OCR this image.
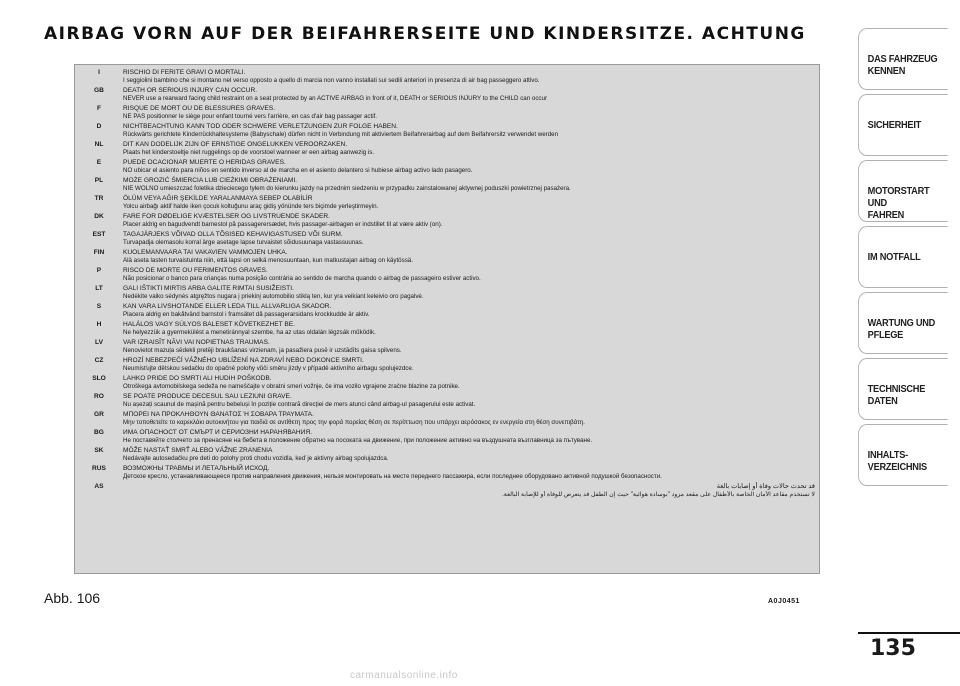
AIRBAG VORN AUF DER BEIFAHRERSEITE UND KINDERSITZE. ACHTUNG
I	RISCHIO DI FERITE GRAVI O MORTALI.
I seggiolini bambino che si montano nel verso opposto a quello di marcia non vanno installati sui sedili anteriori in presenza di air bag passeggero attivo.
GB	DEATH OR SERIOUS INJURY CAN OCCUR.
NEVER use a rearward facing child restraint on a seat protected by an ACTIVE AIRBAG in front of it, DEATH or SERIOUS INJURY to the CHILD can occur
F	RISQUE DE MORT OU DE BLESSURES GRAVES.
NE PAS positionner le siège pour enfant tourné vers l'arrière, en cas d'air bag passager actif.
D	NICHTBEACHTUNG KANN TOD ODER SCHWERE VERLETZUNGEN ZUR FOLGE HABEN.
Rückwärts gerichtete Kinderrückhaltesysteme (Babyschale) dürfen nicht in Verbindung mit aktiviertem Beifahrerairbag auf dem Beifahrersitz verwendet werden
NL	DIT KAN DODELIJK ZIJN OF ERNSTIGE ONGELUKKEN VEROORZAKEN.
Plaats het kinderstoeltje niet ruggelings op de voorstoel wanneer er een airbag aanwezig is.
E	PUEDE OCACIONAR MUERTE O HERIDAS GRAVES.
NO ubicar el asiento para niños en sentido inverso al de marcha en el asiento delantero si hubiese airbag activo lado pasagero.
PL	MOŻE GROZIĆ ŚMIERCIA LUB CIEŻKIMI OBRAŻENIAMI.
NIE WOLNO umieszczać foletika dzieciecego tyłem do kierunku jazdy na przednim siedzeniu w przypadku zainstalowanej aktywnej poduszki powietrznej pasażera.
TR	ÖLÜM VEYA AĞIR ŞEKİLDE YARALANMAYA SEBEP OLABİLİR
Yolcu airbağı aktif halde iken çocuk koltuğunu araç gidiş yönünde ters biçimde yerleştirmeyin.
DK	FARE FOR DØDELIGE KVÆSTELSER OG LIVSTRUENDE SKADER.
Placer aldrig en bagudvendt barnestol på passagerersædet, hvis passager-airbagen er indstillet til at være aktiv (on).
EST	TAGAJÄRJEKS VÕIVAD OLLA TÕSISED KEHAVIGASTUSED VÕI SURM.
Turvapadja olemasolu korral ärge asetage lapse turvaistet sõidusuunaga vastassuunas.
FIN	KUOLEMANVAARA TAI VAKAVIEN VAMMOJEN UHKA.
Älä aseta lasten turvaistuinta niin, että lapsi on selkä menosuuntaan, kun matkustajan airbag on käytössä.
P	RISCO DE MORTE OU FERIMENTOS GRAVES.
Não posicionar o banco para crianças numa posição contrária ao sentido de marcha quando o airbag de passageiro estiver activo.
LT	GALI IŠTIKTI MIRTIS ARBA GALITE RIMTAI SUSIŽEISTI.
Nedėkite vaiko sėdynės atgręžtos nugara į priekinį automobilio stiklą ten, kur yra veikiant keleivio oro pagalvė.
S	KAN VARA LIVSHOTANDE ELLER LEDA TILL ALLVARLIGA SKADOR.
Placera aldrig en bakåtvänd barnstol i framsätet då passagerarsidans krockkudde är aktiv.
H	HALÁLOS VAGY SÚLYOS BALESET KÖVETKEZHET BE.
Ne helyezzük a gyermekülést a menetiránnyal szembe, ha az utas oldalán légzsák működik.
LV	VAR IZRAISĪT NĀVI VAI NOPIETNAS TRAUMAS.
Nenovietot mazuļa sēdekli pretēji braukšanas virzienam, ja pasažiera pusē ir uzstādīts gaisa spilvens.
CZ	HROZÍ NEBEZPEČÍ VÁŽNÉHO UBLÍŽENÍ NA ZDRAVÍ NEBO DOKONCE SMRTI.
Neumisťujte dětskou sedačku do opačné polohy vůči směru jízdy v případě aktivního airbagu spolujezdce.
SLO	LAHKO PRIDE DO SMRTI ALI HUDIH POŠKODB.
Otroškega avtomobilskega sedeža ne nameščajte v obratni smeri vožnje, če ima vozilo vgrajene zračne blazine za potnike.
RO	SE POATE PRODUCE DECESUL SAU LEZIUNI GRAVE.
Nu așezați scaunul de mașină pentru bebeluși în poziție contrară direcției de mers atunci când airbag-ul pasagerului este activat.
GR	ΜΠΟΡΕΙ ΝΑ ΠΡΟΚΛΗΘΟΥΝ ΘΑΝΑΤΟΣ Ή ΣΟΒΑΡΑ ΤΡΑΥΜΑΤΑ.
Μην τοποθετείτε το καρεκλάκι αυτοκινήτου για παιδιά σε αντίθετη προς την φορά πορείας θέση σε περίπτωση που υπάρχει αερόσακος εν ενεργεία στη θέση συνεπιβάτη.
BG	ИМА ОПАСНОСТ ОТ СМЪРТ И СЕРИОЗНИ НАРАНЯВАНИЯ.
Не поставяйте столчето за пренасяне на бебета в положение обратно на посоката на движение, при положение активно на въздушната възглавница за пътуване.
SK	MÔŽE NASTAŤ SMRŤ ALEBO VÁŽNE ZRANENIA
Nedávajte autosedačku pre deti do polohy proti chodu vozidla, keď je aktívny airbag spolujazdca.
RUS	ВОЗМОЖНЫ ТРАВМЫ И ЛЕТАЛЬНЫЙ ИСХОД.
Детское кресло, устанавливающееся против направления движения, нельзя монтировать на месте переднего пассажира, если последнее оборудовано активной подушкой безопасности.
AS	قد تحدث حالات وفاة أو إصابات بالغة
لا تستخدم مقاعد الأمان الخاصة بالأطفال على مقعد مزود "بوسادة هوائية" حيث إن الطفل قد يتعرض للوفاة أو للإصابة البالغة.
Abb. 106	A0J0451
DAS FAHRZEUG
KENNEN
SICHERHEIT
MOTORSTART UND
FAHREN
IM NOTFALL
WARTUNG UND
PFLEGE
TECHNISCHE DATEN
INHALTS-
VERZEICHNIS
135
carmanualsonline.info
